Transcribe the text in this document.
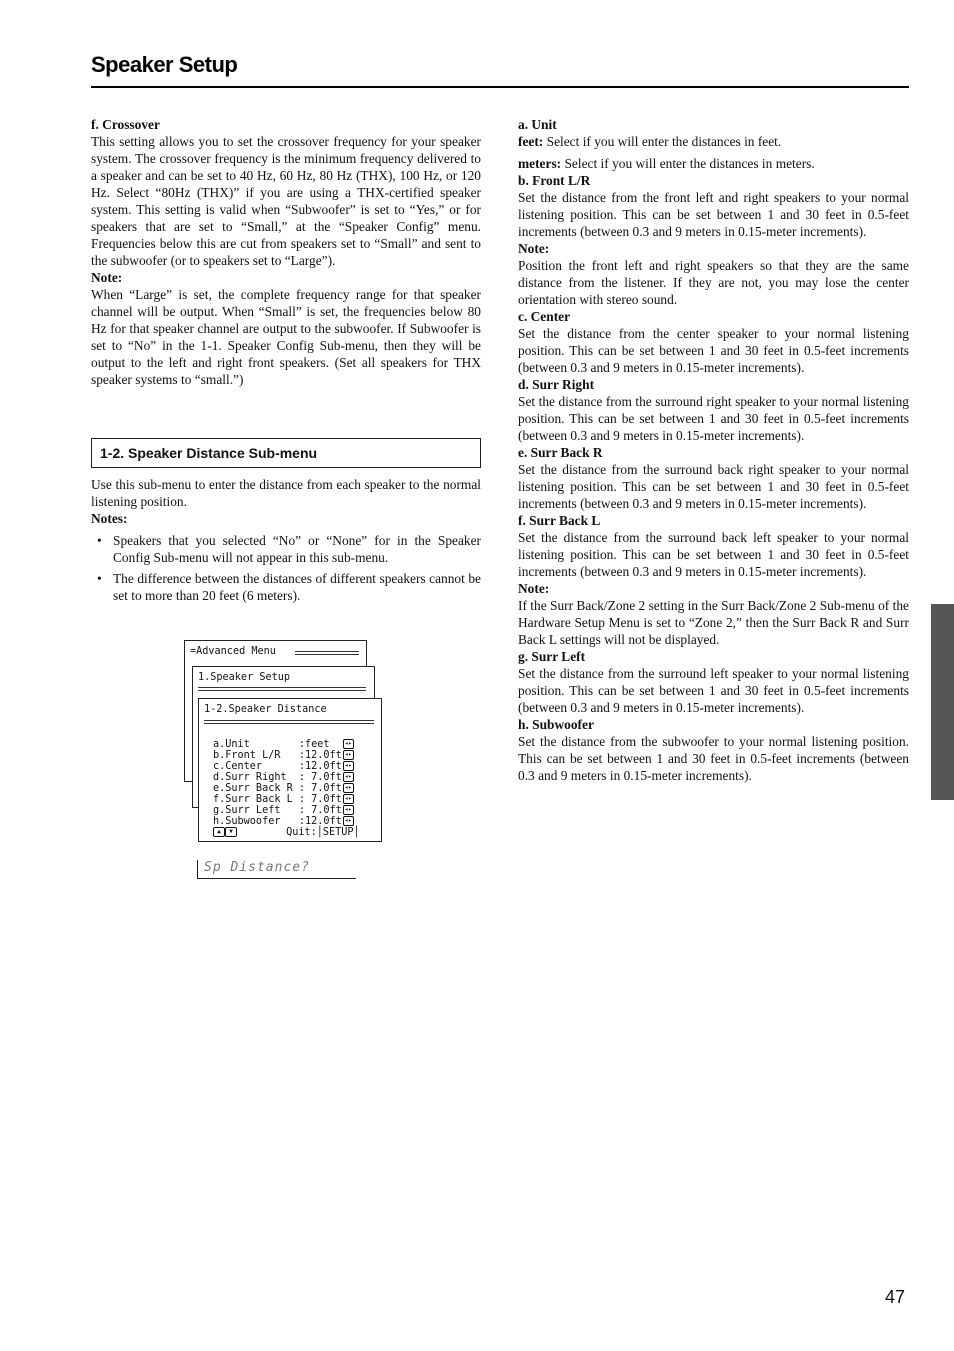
Speaker Setup

f. Crossover

This setting allows you to set the crossover frequency for your speaker system. The crossover frequency is the minimum frequency delivered to a speaker and can be set to 40 Hz, 60 Hz, 80 Hz (THX), 100 Hz, or 120 Hz. Select “80Hz (THX)” if you are using a THX-certified speaker system. This setting is valid when “Subwoofer” is set to “Yes,” or for speakers that are set to “Small,” at the “Speaker Config” menu. Frequencies below this are cut from speakers set to “Small” and sent to the subwoofer (or to speakers set to “Large”).

Note:

When “Large” is set, the complete frequency range for that speaker channel will be output. When “Small” is set, the frequencies below 80 Hz for that speaker channel are output to the subwoofer. If Subwoofer is set to “No” in the 1-1. Speaker Config Sub-menu, then they will be output to the left and right front speakers. (Set all speakers for THX speaker systems to “small.”)

1-2. Speaker Distance Sub-menu

Use this sub-menu to enter the distance from each speaker to the normal listening position.

Notes:

• Speakers that you selected “No” or “None” for in the Speaker Config Sub-menu will not appear in this sub-menu.
• The difference between the distances of different speakers cannot be set to more than 20 feet (6 meters).
=Advanced Menu
1.Speaker Setup
1-2.Speaker Distance
a.Unit        :feet  ◂▸
b.Front L/R   :12.0ft ◂▸
c.Center      :12.0ft ◂▸
d.Surr Right  : 7.0ft ◂▸
e.Surr Back R : 7.0ft ◂▸
f.Surr Back L : 7.0ft ◂▸
g.Surr Left   : 7.0ft ◂▸
h.Subwoofer   :12.0ft ◂▸
▲ ▼	Quit:│SETUP│
Sp Distance?

a. Unit

feet: Select if you will enter the distances in feet.

meters: Select if you will enter the distances in meters.

b. Front L/R

Set the distance from the front left and right speakers to your normal listening position. This can be set between 1 and 30 feet in 0.5-feet increments (between 0.3 and 9 meters in 0.15-meter increments).

Note:

Position the front left and right speakers so that they are the same distance from the listener. If they are not, you may lose the center orientation with stereo sound.

c. Center

Set the distance from the center speaker to your normal listening position. This can be set between 1 and 30 feet in 0.5-feet increments (between 0.3 and 9 meters in 0.15-meter increments).

d. Surr Right

Set the distance from the surround right speaker to your normal listening position. This can be set between 1 and 30 feet in 0.5-feet increments (between 0.3 and 9 meters in 0.15-meter increments).

e. Surr Back R

Set the distance from the surround back right speaker to your normal listening position. This can be set between 1 and 30 feet in 0.5-feet increments (between 0.3 and 9 meters in 0.15-meter increments).

f. Surr Back L

Set the distance from the surround back left speaker to your normal listening position. This can be set between 1 and 30 feet in 0.5-feet increments (between 0.3 and 9 meters in 0.15-meter increments).

Note:

If the Surr Back/Zone 2 setting in the Surr Back/Zone 2 Sub-menu of the Hardware Setup Menu is set to “Zone 2,” then the Surr Back R and Surr Back L settings will not be displayed.

g. Surr Left

Set the distance from the surround left speaker to your normal listening position. This can be set between 1 and 30 feet in 0.5-feet increments (between 0.3 and 9 meters in 0.15-meter increments).

h. Subwoofer

Set the distance from the subwoofer to your normal listening position. This can be set between 1 and 30 feet in 0.5-feet increments (between 0.3 and 9 meters in 0.15-meter increments).

47
